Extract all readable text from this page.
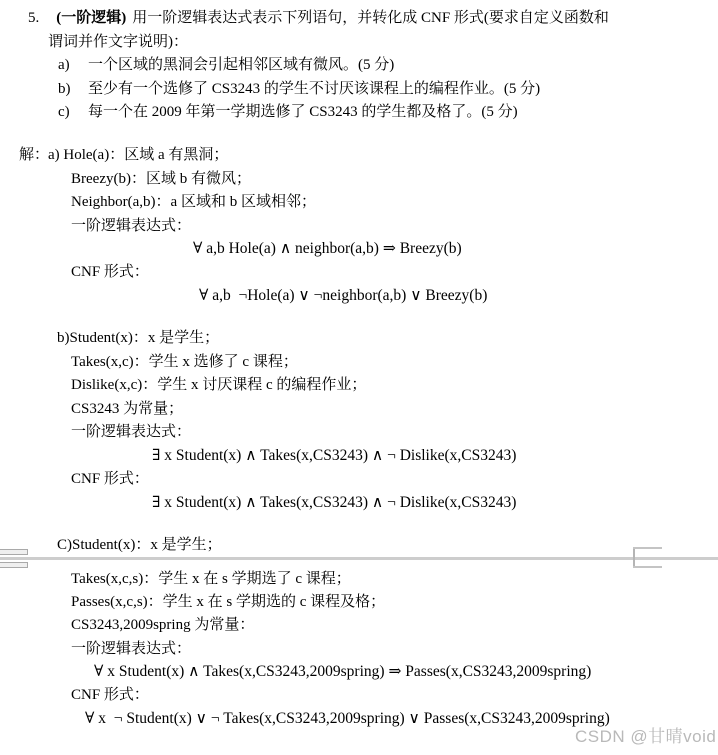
5. (一阶逻辑) 用一阶逻辑表达式表示下列语句，并转化成 CNF 形式(要求自定义函数和
谓词并作文字说明)：
a) 一个区域的黑洞会引起相邻区域有微风。(5 分)
b) 至少有一个选修了 CS3243 的学生不讨厌该课程上的编程作业。(5 分)
c) 每一个在 2009 年第一学期选修了 CS3243 的学生都及格了。(5 分)
解：a) Hole(a)：区域 a 有黑洞；
Breezy(b)：区域 b 有微风；
Neighbor(a,b)：a 区域和 b 区域相邻；
一阶逻辑表达式：
∀ a,b Hole(a) ∧ neighbor(a,b) ⇒ Breezy(b)
CNF 形式：
∀ a,b  ¬Hole(a) ∨ ¬neighbor(a,b) ∨ Breezy(b)
b)Student(x)：x 是学生；
Takes(x,c)：学生 x 选修了 c 课程；
Dislike(x,c)：学生 x 讨厌课程 c 的编程作业；
CS3243 为常量；
一阶逻辑表达式：
∃ x Student(x) ∧ Takes(x,CS3243) ∧ ¬ Dislike(x,CS3243)
CNF 形式：
∃ x Student(x) ∧ Takes(x,CS3243) ∧ ¬ Dislike(x,CS3243)
C)Student(x)：x 是学生；
Takes(x,c,s)：学生 x 在 s 学期选了 c 课程；
Passes(x,c,s)：学生 x 在 s 学期选的 c 课程及格；
CS3243,2009spring 为常量：
一阶逻辑表达式：
∀ x Student(x) ∧ Takes(x,CS3243,2009spring) ⇒ Passes(x,CS3243,2009spring)
CNF 形式：
∀ x  ¬ Student(x) ∨ ¬ Takes(x,CS3243,2009spring) ∨ Passes(x,CS3243,2009spring)
CSDN @甘晴void
